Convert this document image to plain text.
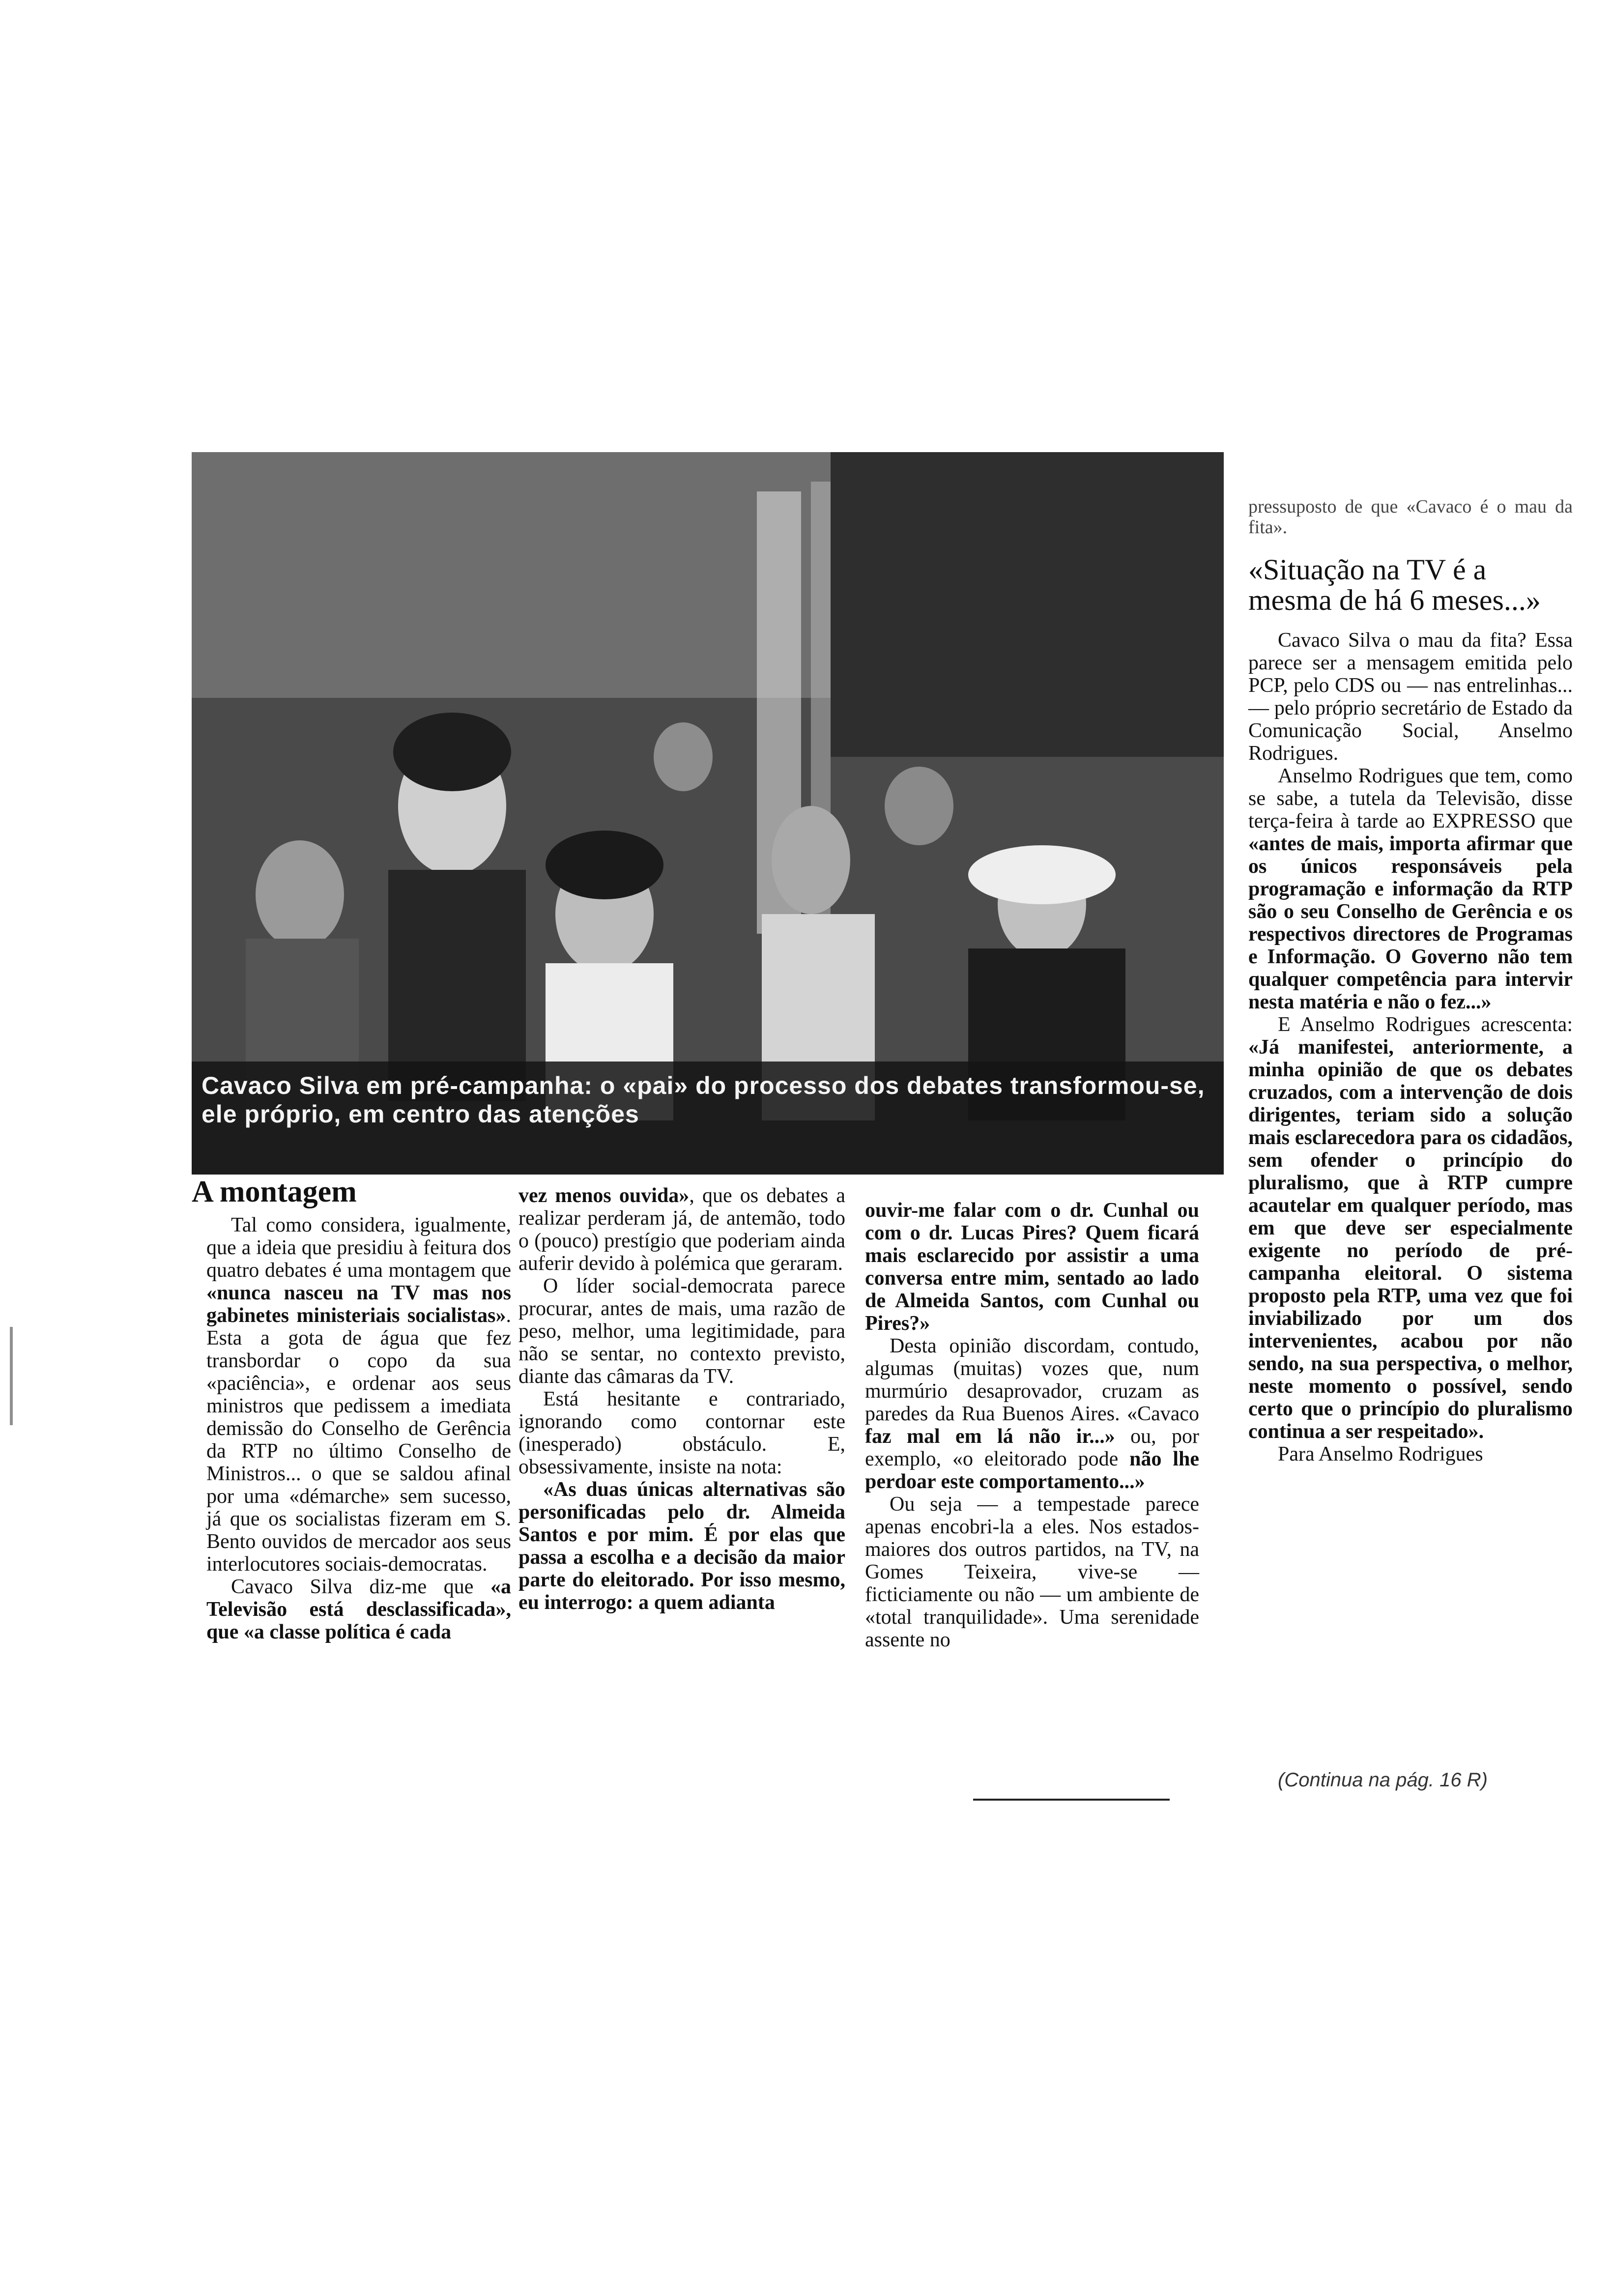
Cavaco Silva em pré-campanha: o «pai» do processo dos debates transformou-se, ele próprio, em centro das atenções

pressuposto de que «Cavaco é o mau da fita».

«Situação na TV é a mesma de há 6 meses...»

Cavaco Silva o mau da fita? Essa parece ser a mensagem emitida pelo PCP, pelo CDS ou — nas entrelinhas... — pelo próprio secretário de Estado da Comunicação Social, Anselmo Rodrigues.

Anselmo Rodrigues que tem, como se sabe, a tutela da Televisão, disse terça-feira à tarde ao EXPRESSO que «antes de mais, importa afirmar que os únicos responsáveis pela programação e informação da RTP são o seu Conselho de Gerência e os respectivos directores de Programas e Informação. O Governo não tem qualquer competência para intervir nesta matéria e não o fez...»

E Anselmo Rodrigues acrescenta: «Já manifestei, anteriormente, a minha opinião de que os debates cruzados, com a intervenção de dois dirigentes, teriam sido a solução mais esclarecedora para os cidadãos, sem ofender o princípio do pluralismo, que à RTP cumpre acautelar em qualquer período, mas em que deve ser especialmente exigente no período de pré-campanha eleitoral. O sistema proposto pela RTP, uma vez que foi inviabilizado por um dos intervenientes, acabou por não sendo, na sua perspectiva, o melhor, neste momento o possível, sendo certo que o princípio do pluralismo continua a ser respeitado».

Para Anselmo Rodrigues

A montagem

Tal como considera, igualmente, que a ideia que presidiu à feitura dos quatro debates é uma montagem que «nunca nasceu na TV mas nos gabinetes ministeriais socialistas». Esta a gota de água que fez transbordar o copo da sua «paciência», e ordenar aos seus ministros que pedissem a imediata demissão do Conselho de Gerência da RTP no último Conselho de Ministros... o que se saldou afinal por uma «démarche» sem sucesso, já que os socialistas fizeram em S. Bento ouvidos de mercador aos seus interlocutores sociais-democratas.

Cavaco Silva diz-me que «a Televisão está desclassificada», que «a classe política é cada

vez menos ouvida», que os debates a realizar perderam já, de antemão, todo o (pouco) prestígio que poderiam ainda auferir devido à polémica que geraram.

O líder social-democrata parece procurar, antes de mais, uma razão de peso, melhor, uma legitimidade, para não se sentar, no contexto previsto, diante das câmaras da TV.

Está hesitante e contrariado, ignorando como contornar este (inesperado) obstáculo. E, obsessivamente, insiste na nota:

«As duas únicas alternativas são personificadas pelo dr. Almeida Santos e por mim. É por elas que passa a escolha e a decisão da maior parte do eleitorado. Por isso mesmo, eu interrogo: a quem adianta

ouvir-me falar com o dr. Cunhal ou com o dr. Lucas Pires? Quem ficará mais esclarecido por assistir a uma conversa entre mim, sentado ao lado de Almeida Santos, com Cunhal ou Pires?»

Desta opinião discordam, contudo, algumas (muitas) vozes que, num murmúrio desaprovador, cruzam as paredes da Rua Buenos Aires. «Cavaco faz mal em lá não ir...» ou, por exemplo, «o eleitorado pode não lhe perdoar este comportamento...»

Ou seja — a tempestade parece apenas encobri-la a eles. Nos estados-maiores dos outros partidos, na TV, na Gomes Teixeira, vive-se — ficticiamente ou não — um ambiente de «total tranquilidade». Uma serenidade assente no

(Continua na pág. 16 R)
